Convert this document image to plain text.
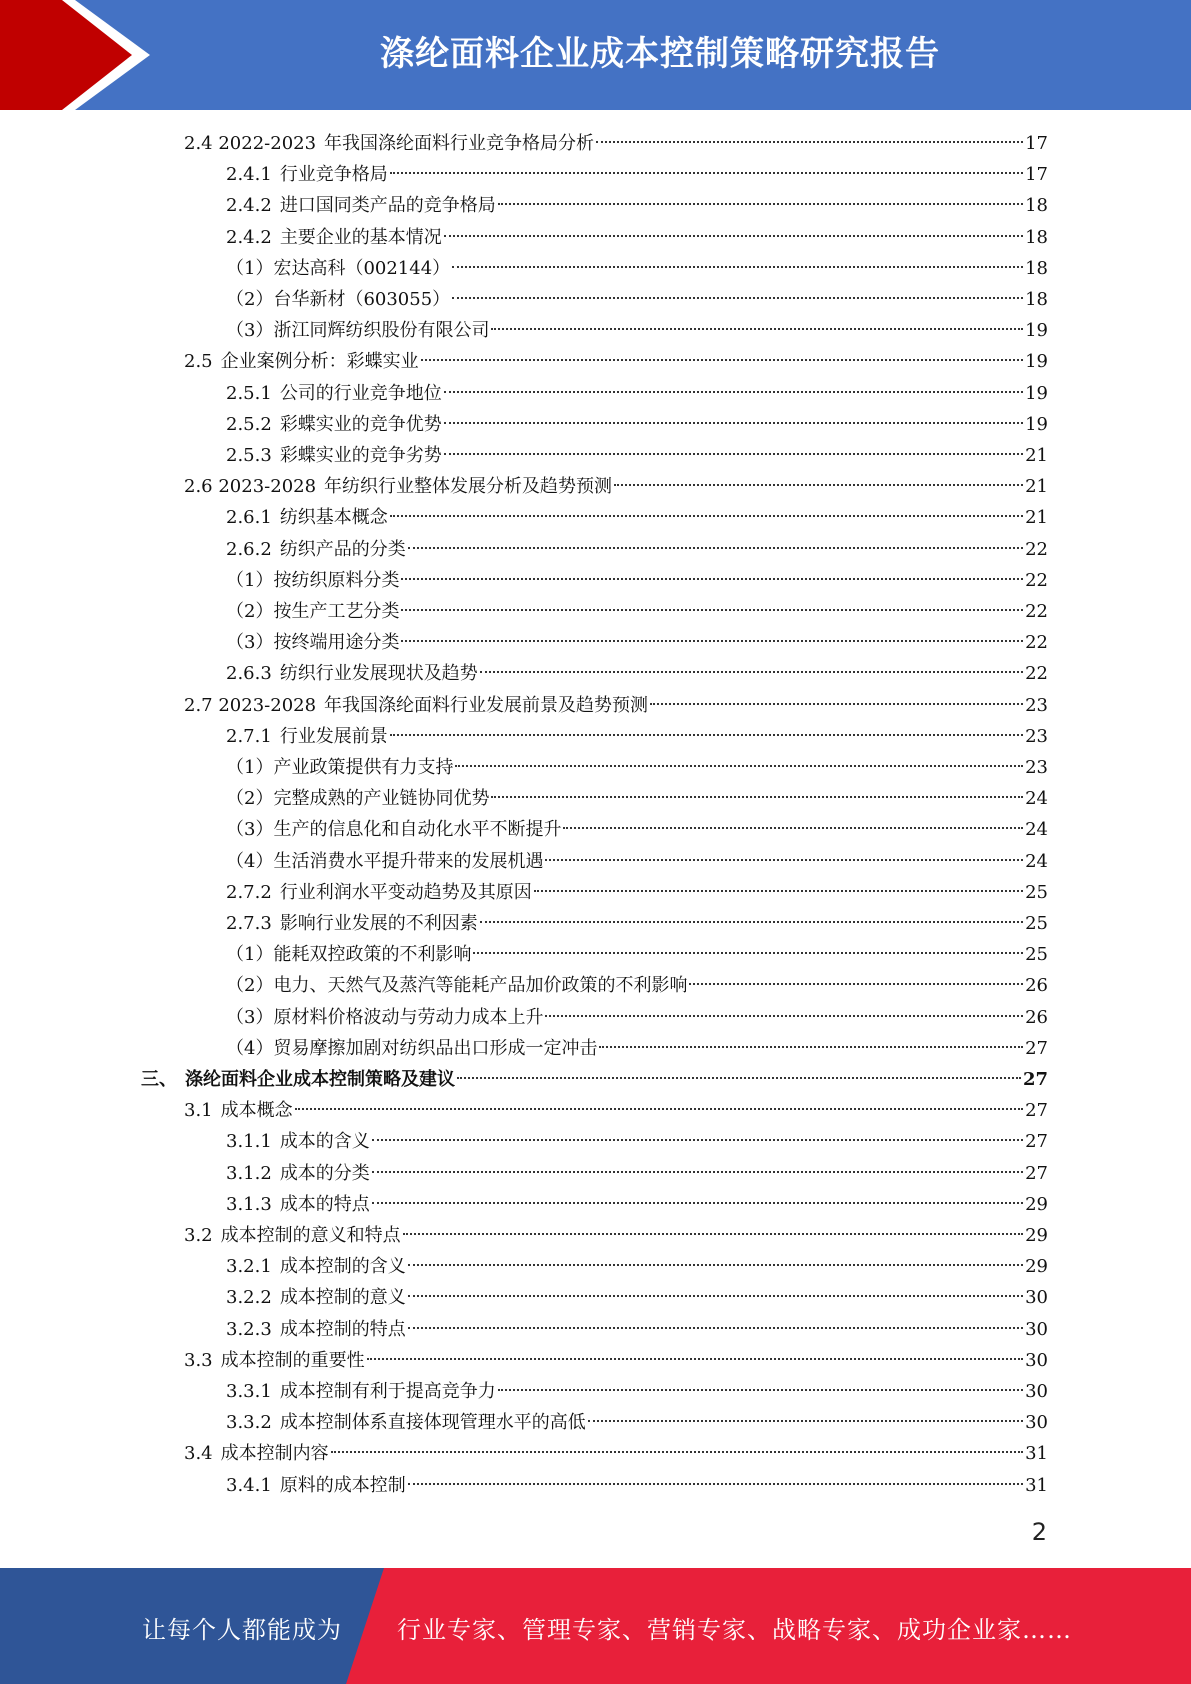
涤纶面料企业成本控制策略研究报告
2.4 2022-2023 年我国涤纶面料行业竞争格局分析	17
2.4.1 行业竞争格局	17
2.4.2 进口国同类产品的竞争格局	18
2.4.2 主要企业的基本情况	18
（1） 宏达高科（002144）	18
（2） 台华新材（603055）	18
（3） 浙江同辉纺织股份有限公司	19
2.5 企业案例分析：彩蝶实业	19
2.5.1 公司的行业竞争地位	19
2.5.2 彩蝶实业的竞争优势	19
2.5.3 彩蝶实业的竞争劣势	21
2.6 2023-2028 年纺织行业整体发展分析及趋势预测	21
2.6.1 纺织基本概念	21
2.6.2 纺织产品的分类	22
（1） 按纺织原料分类	22
（2） 按生产工艺分类	22
（3） 按终端用途分类	22
2.6.3 纺织行业发展现状及趋势	22
2.7 2023-2028 年我国涤纶面料行业发展前景及趋势预测	23
2.7.1 行业发展前景	23
（1） 产业政策提供有力支持	23
（2） 完整成熟的产业链协同优势	24
（3） 生产的信息化和自动化水平不断提升	24
（4） 生活消费水平提升带来的发展机遇	24
2.7.2 行业利润水平变动趋势及其原因	25
2.7.3 影响行业发展的不利因素	25
（1） 能耗双控政策的不利影响	25
（2） 电力、天然气及蒸汽等能耗产品加价政策的不利影响	26
（3） 原材料价格波动与劳动力成本上升	26
（4） 贸易摩擦加剧对纺织品出口形成一定冲击	27
三、 涤纶面料企业成本控制策略及建议	27
3.1 成本概念	27
3.1.1 成本的含义	27
3.1.2 成本的分类	27
3.1.3 成本的特点	29
3.2 成本控制的意义和特点	29
3.2.1 成本控制的含义	29
3.2.2 成本控制的意义	30
3.2.3 成本控制的特点	30
3.3 成本控制的重要性	30
3.3.1 成本控制有利于提高竞争力	30
3.3.2 成本控制体系直接体现管理水平的高低	30
3.4 成本控制内容	31
3.4.1 原料的成本控制	31
2
让每个人都能成为 行业专家、管理专家、营销专家、战略专家、成功企业家……
